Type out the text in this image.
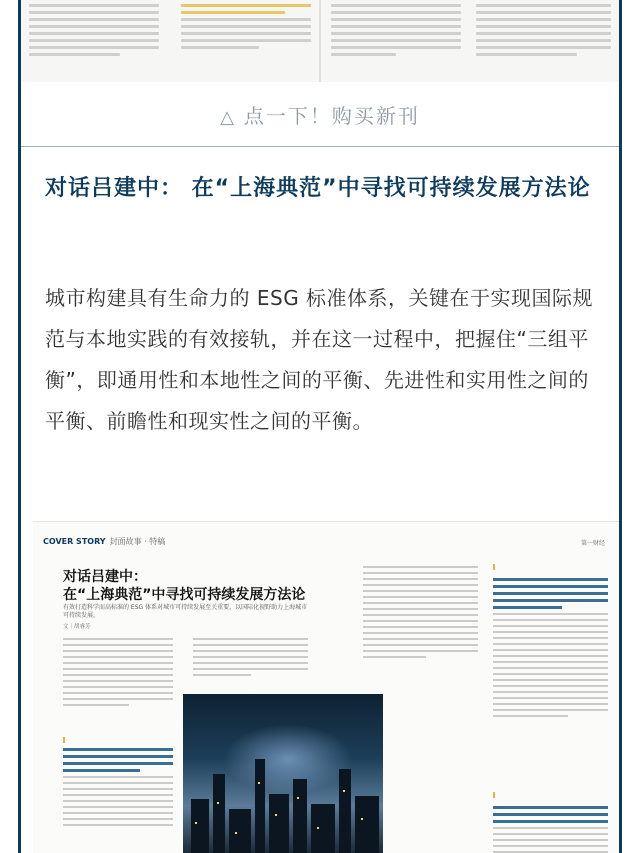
△ 点一下！购买新刊
对话吕建中： 在“上海典范”中寻找可持续发展方法论
城市构建具有生命力的 ESG 标准体系，关键在于实现国际规范与本地实践的有效接轨，并在这一过程中，把握住“三组平衡”，即通用性和本地性之间的平衡、先进性和实用性之间的平衡、前瞻性和现实性之间的平衡。
COVER STORY 封面故事 · 特稿	第一财经
对话吕建中：
在“上海典范”中寻找可持续发展方法论
有效打造科学而高标准的 ESG 体系对城市可持续发展至关重要，以国际化视野助力上海城市可持续发展。
文｜胡睿芳
